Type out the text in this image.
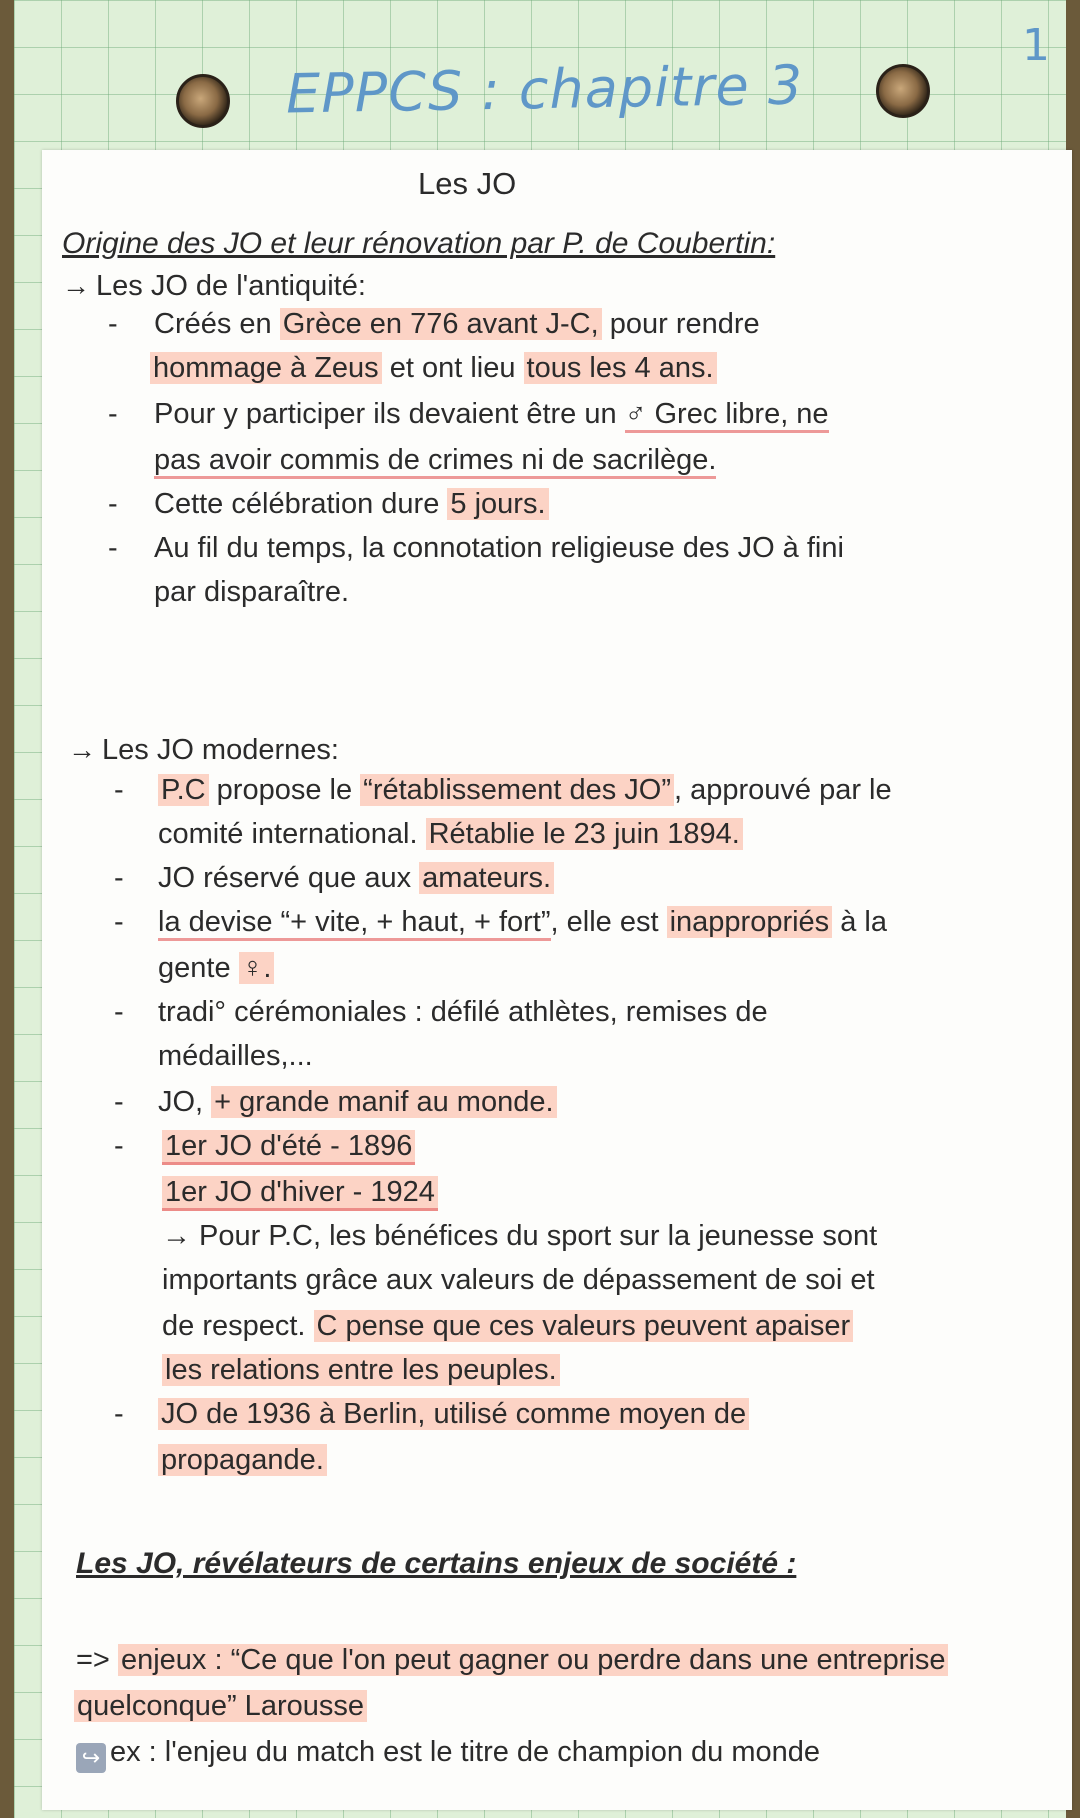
EPPCS : chapitre 3
1
Les JO
Origine des JO et leur rénovation par P. de Coubertin:
→ Les JO de l'antiquité:
- Créés en Grèce en 776 avant J-C, pour rendre
hommage à Zeus et ont lieu tous les 4 ans.
- Pour y participer ils devaient être un ♂ Grec libre, ne
pas avoir commis de crimes ni de sacrilège.
- Cette célébration dure 5 jours.
- Au fil du temps, la connotation religieuse des JO à fini
par disparaître.
→ Les JO modernes:
- P.C propose le “rétablissement des JO” , approuvé par le
comité international. Rétablie le 23 juin 1894.
- JO réservé que aux amateurs.
- la devise “+ vite, + haut, + fort”, elle est inappropriés à la
gente ♀.
- tradi° cérémoniales : défilé athlètes, remises de
médailles,...
- JO, + grande manif au monde.
- 1er JO d'été - 1896
1er JO d'hiver - 1924
→ Pour P.C, les bénéfices du sport sur la jeunesse sont
importants grâce aux valeurs de dépassement de soi et
de respect. C pense que ces valeurs peuvent apaiser
les relations entre les peuples.
- JO de 1936 à Berlin, utilisé comme moyen de
propagande.
Les JO, révélateurs de certains enjeux de société :
=> enjeux : “Ce que l'on peut gagner ou perdre dans une entreprise
quelconque” Larousse
↪ ex : l'enjeu du match est le titre de champion du monde
